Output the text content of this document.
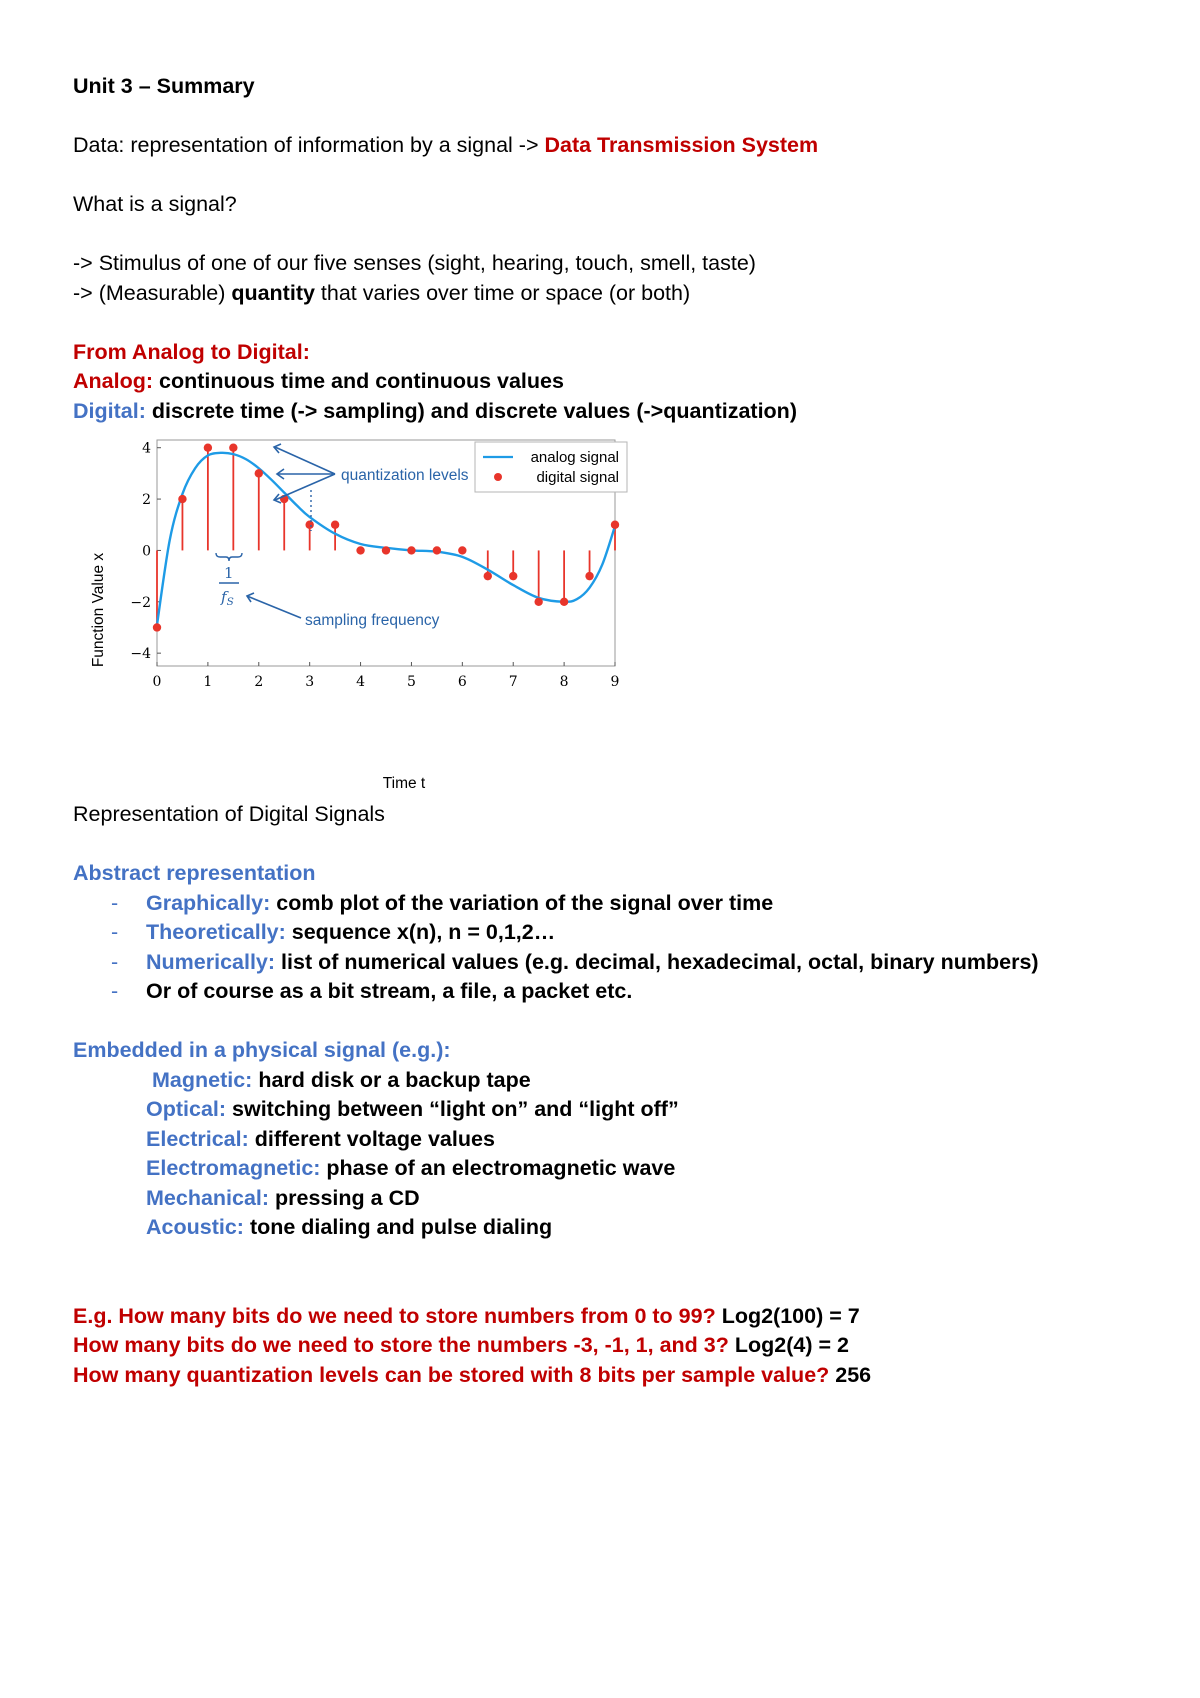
Unit 3 – Summary
Data: representation of information by a signal -> Data Transmission System
What is a signal?
-> Stimulus of one of our five senses (sight, hearing, touch, smell, taste)
-> (Measurable) quantity that varies over time or space (or both)
From Analog to Digital:
Analog: continuous time and continuous values
Digital: discrete time (-> sampling) and discrete values (->quantization)
0	1	2	3	4	5	6	7	8	9
−4
−2
0
2
4
quantization levels
1
$f_S$
sampling frequency
analog signal
digital signal
Time t
Function Value x
Representation of Digital Signals
Abstract representation
- Graphically: comb plot of the variation of the signal over time
- Theoretically: sequence x(n), n = 0,1,2…
- Numerically: list of numerical values (e.g. decimal, hexadecimal, octal, binary numbers)
- Or of course as a bit stream, a file, a packet etc.
Embedded in a physical signal (e.g.):
Magnetic: hard disk or a backup tape
Optical: switching between “light on” and “light off”
Electrical: different voltage values
Electromagnetic: phase of an electromagnetic wave
Mechanical: pressing a CD
Acoustic: tone dialing and pulse dialing
E.g. How many bits do we need to store numbers from 0 to 99? Log2(100) = 7
How many bits do we need to store the numbers -3, -1, 1, and 3? Log2(4) = 2
How many quantization levels can be stored with 8 bits per sample value? 256
